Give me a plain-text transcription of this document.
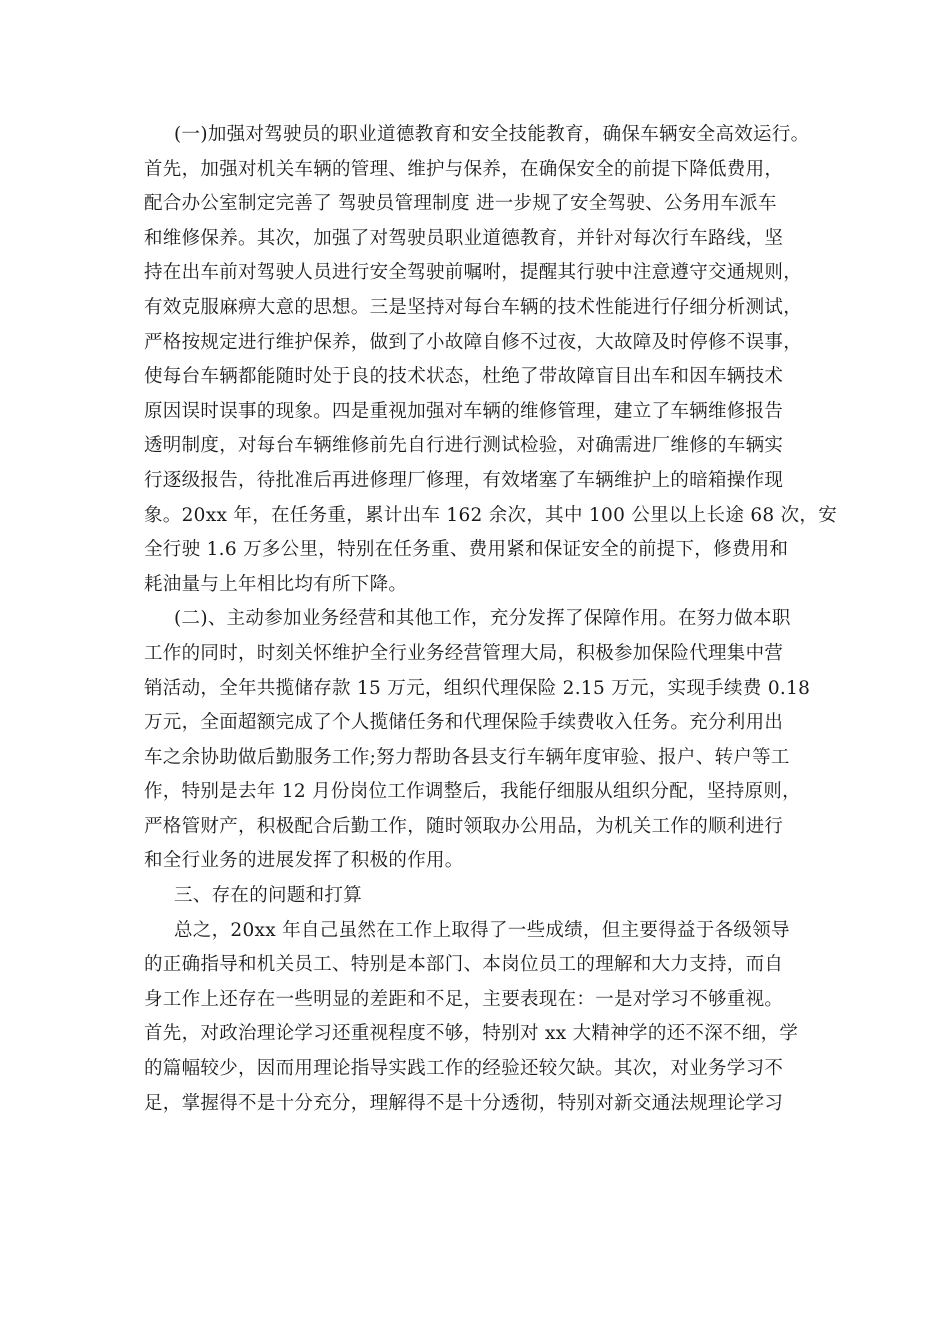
(一)加强对驾驶员的职业道德教育和安全技能教育，确保车辆安全高效运行。
首先，加强对机关车辆的管理、维护与保养，在确保安全的前提下降低费用，
配合办公室制定完善了 驾驶员管理制度 进一步规了安全驾驶、公务用车派车
和维修保养。其次，加强了对驾驶员职业道德教育，并针对每次行车路线，坚
持在出车前对驾驶人员进行安全驾驶前嘱咐，提醒其行驶中注意遵守交通规则，
有效克服麻痹大意的思想。三是坚持对每台车辆的技术性能进行仔细分析测试，
严格按规定进行维护保养，做到了小故障自修不过夜，大故障及时停修不误事，
使每台车辆都能随时处于良的技术状态，杜绝了带故障盲目出车和因车辆技术
原因误时误事的现象。四是重视加强对车辆的维修管理，建立了车辆维修报告
透明制度，对每台车辆维修前先自行进行测试检验，对确需进厂维修的车辆实
行逐级报告，待批准后再进修理厂修理，有效堵塞了车辆维护上的暗箱操作现
象。20xx 年，在任务重，累计出车 162 余次，其中 100 公里以上长途 68 次，安
全行驶 1.6 万多公里，特别在任务重、费用紧和保证安全的前提下，修费用和
耗油量与上年相比均有所下降。
(二)、主动参加业务经营和其他工作，充分发挥了保障作用。在努力做本职
工作的同时，时刻关怀维护全行业务经营管理大局，积极参加保险代理集中营
销活动，全年共揽储存款 15 万元，组织代理保险 2.15 万元，实现手续费 0.18
万元，全面超额完成了个人揽储任务和代理保险手续费收入任务。充分利用出
车之余协助做后勤服务工作;努力帮助各县支行车辆年度审验、报户、转户等工
作，特别是去年 12 月份岗位工作调整后，我能仔细服从组织分配，坚持原则，
严格管财产，积极配合后勤工作，随时领取办公用品，为机关工作的顺利进行
和全行业务的进展发挥了积极的作用。
三、存在的问题和打算
总之，20xx 年自己虽然在工作上取得了一些成绩，但主要得益于各级领导
的正确指导和机关员工、特别是本部门、本岗位员工的理解和大力支持，而自
身工作上还存在一些明显的差距和不足，主要表现在：一是对学习不够重视。
首先，对政治理论学习还重视程度不够，特别对 xx 大精神学的还不深不细，学
的篇幅较少，因而用理论指导实践工作的经验还较欠缺。其次，对业务学习不
足，掌握得不是十分充分，理解得不是十分透彻，特别对新交通法规理论学习
